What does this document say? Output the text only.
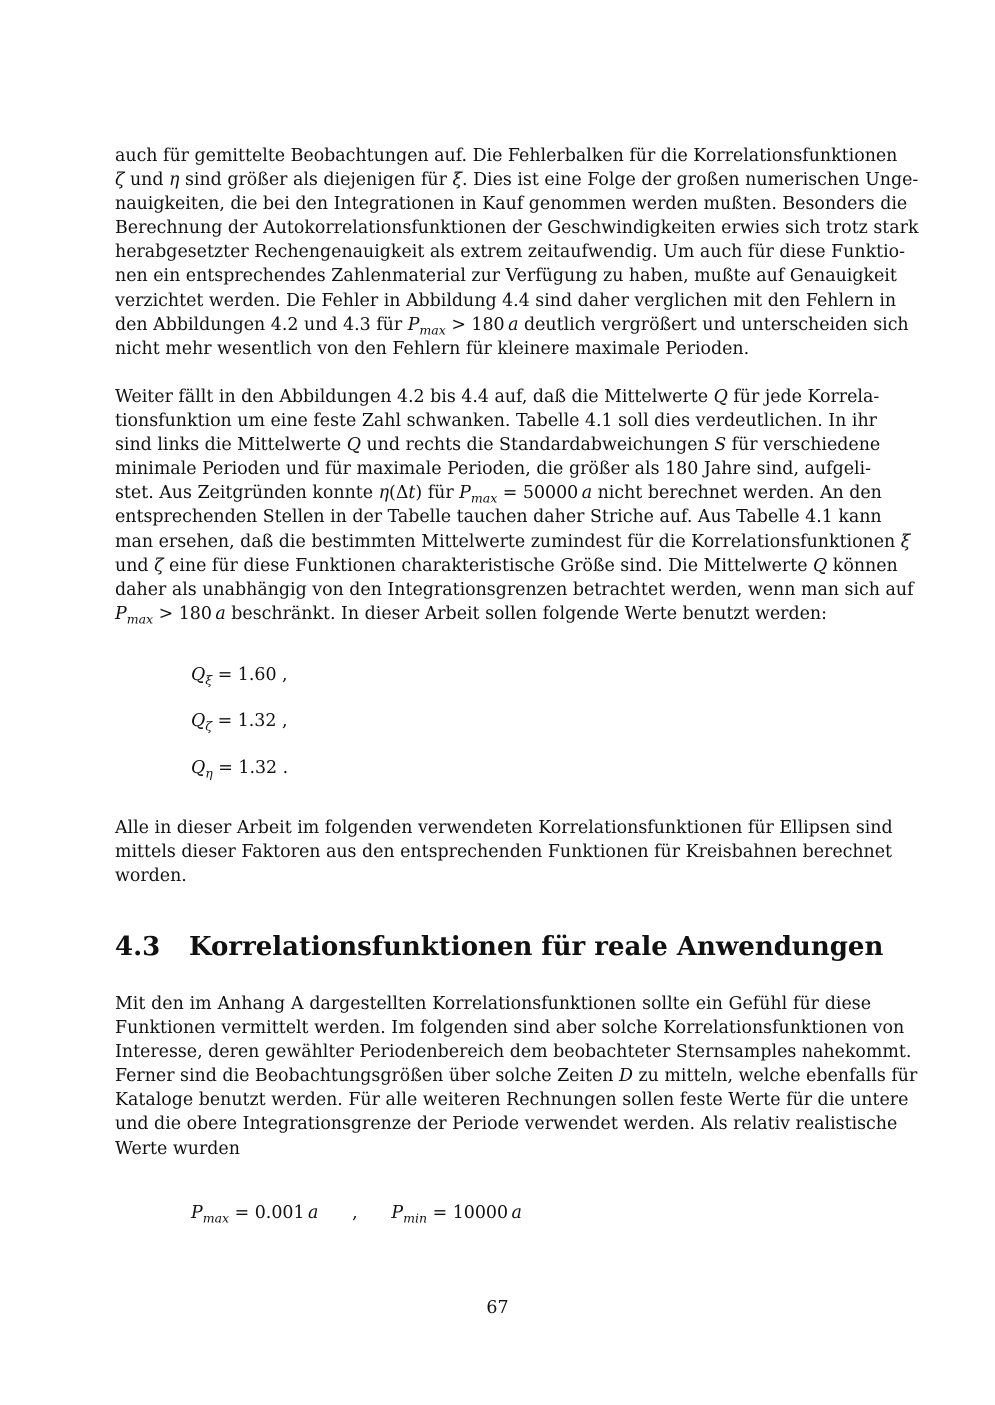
auch für gemittelte Beobachtungen auf. Die Fehlerbalken für die Korrelationsfunktionen
ζ und η sind größer als diejenigen für ξ. Dies ist eine Folge der großen numerischen Unge-
nauigkeiten, die bei den Integrationen in Kauf genommen werden mußten. Besonders die
Berechnung der Autokorrelationsfunktionen der Geschwindigkeiten erwies sich trotz stark
herabgesetzter Rechengenauigkeit als extrem zeitaufwendig. Um auch für diese Funktio-
nen ein entsprechendes Zahlenmaterial zur Verfügung zu haben, mußte auf Genauigkeit
verzichtet werden. Die Fehler in Abbildung 4.4 sind daher verglichen mit den Fehlern in
den Abbildungen 4.2 und 4.3 für $P_{max} > 180$ a deutlich vergrößert und unterscheiden sich
nicht mehr wesentlich von den Fehlern für kleinere maximale Perioden.
Weiter fällt in den Abbildungen 4.2 bis 4.4 auf, daß die Mittelwerte Q für jede Korrela-
tionsfunktion um eine feste Zahl schwanken. Tabelle 4.1 soll dies verdeutlichen. In ihr
sind links die Mittelwerte Q und rechts die Standardabweichungen S für verschiedene
minimale Perioden und für maximale Perioden, die größer als 180 Jahre sind, aufgeli-
stet. Aus Zeitgründen konnte η(Δt) für $P_{max} = 50000$ a nicht berechnet werden. An den
entsprechenden Stellen in der Tabelle tauchen daher Striche auf. Aus Tabelle 4.1 kann
man ersehen, daß die bestimmten Mittelwerte zumindest für die Korrelationsfunktionen ξ
und ζ eine für diese Funktionen charakteristische Größe sind. Die Mittelwerte Q können
daher als unabhängig von den Integrationsgrenzen betrachtet werden, wenn man sich auf
$P_{max} > 180$ a beschränkt. In dieser Arbeit sollen folgende Werte benutzt werden:
$Q_\xi = 1.60$ ,
$Q_\zeta = 1.32$ ,
$Q_\eta = 1.32$ .
Alle in dieser Arbeit im folgenden verwendeten Korrelationsfunktionen für Ellipsen sind
mittels dieser Faktoren aus den entsprechenden Funktionen für Kreisbahnen berechnet
worden.
4.3 Korrelationsfunktionen für reale Anwendungen
Mit den im Anhang A dargestellten Korrelationsfunktionen sollte ein Gefühl für diese
Funktionen vermittelt werden. Im folgenden sind aber solche Korrelationsfunktionen von
Interesse, deren gewählter Periodenbereich dem beobachteter Sternsamples nahekommt.
Ferner sind die Beobachtungsgrößen über solche Zeiten D zu mitteln, welche ebenfalls für
Kataloge benutzt werden. Für alle weiteren Rechnungen sollen feste Werte für die untere
und die obere Integrationsgrenze der Periode verwendet werden. Als relativ realistische
Werte wurden
$P_{max} = 0.001$ a , $P_{min} = 10000$ a
67
